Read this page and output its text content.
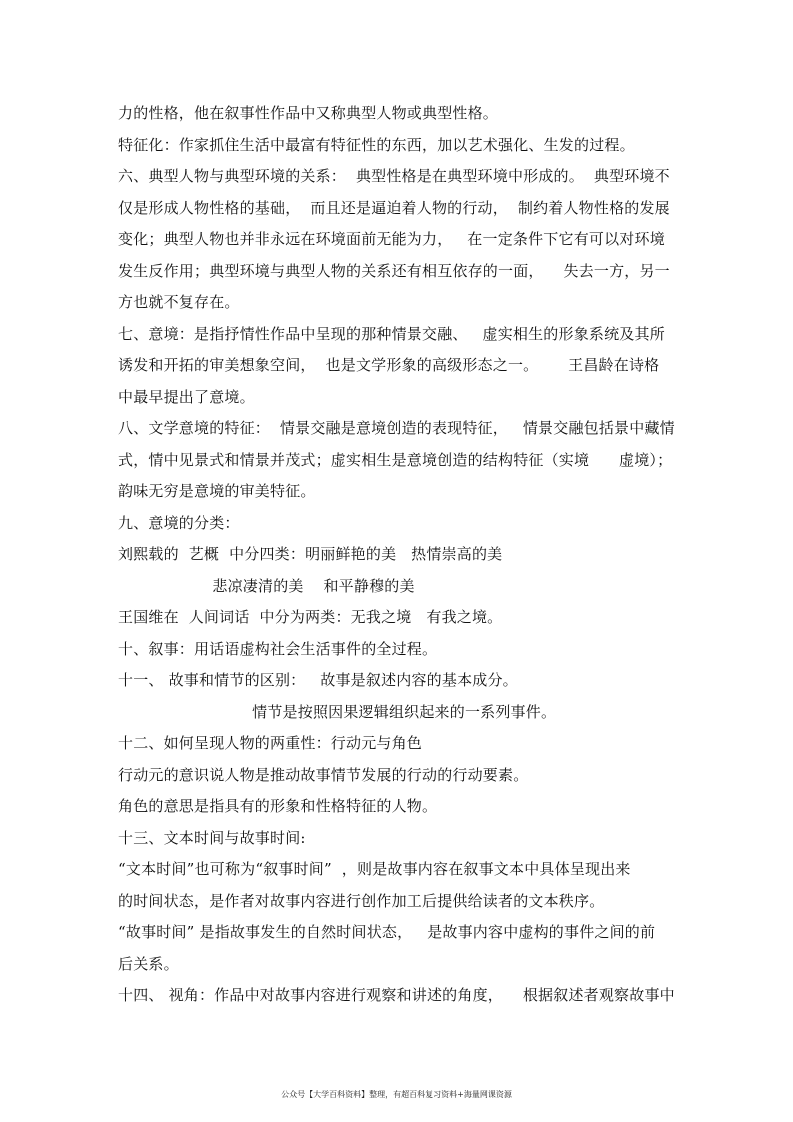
力的性格，他在叙事性作品中又称典型人物或典型性格。
特征化：作家抓住生活中最富有特征性的东西，加以艺术强化、生发的过程。
六、典型人物与典型环境的关系：  典型性格是在典型环境中形成的。  典型环境不
仅是形成人物性格的基础，  而且还是逼迫着人物的行动，  制约着人物性格的发展
变化；典型人物也并非永远在环境面前无能为力，   在一定条件下它有可以对环境
发生反作用；典型环境与典型人物的关系还有相互依存的一面，    失去一方，另一
方也就不复存在。
七、意境：是指抒情性作品中呈现的那种情景交融、   虚实相生的形象系统及其所
诱发和开拓的审美想象空间，  也是文学形象的高级形态之一。      王昌龄在诗格
中最早提出了意境。
八、文学意境的特征：  情景交融是意境创造的表现特征，   情景交融包括景中藏情
式，情中见景式和情景并茂式；虚实相生是意境创造的结构特征（实境      虚境）；
韵味无穷是意境的审美特征。
九、意境的分类：
刘熙载的  艺概  中分四类：明丽鲜艳的美   热情崇高的美
悲凉凄清的美    和平静穆的美
王国维在  人间词话  中分为两类：无我之境   有我之境。
十、叙事：用话语虚构社会生活事件的全过程。
十一、 故事和情节的区别：   故事是叙述内容的基本成分。
情节是按照因果逻辑组织起来的一系列事件。
十二、如何呈现人物的两重性：行动元与角色
行动元的意识说人物是推动故事情节发展的行动的行动要素。
角色的意思是指具有的形象和性格特征的人物。
十三、文本时间与故事时间:
“文本时间”也可称为“叙事时间”  ，则是故事内容在叙事文本中具体呈现出来
的时间状态，是作者对故事内容进行创作加工后提供给读者的文本秩序。
“故事时间” 是指故事发生的自然时间状态，   是故事内容中虚构的事件之间的前
后关系。
十四、 视角：作品中对故事内容进行观察和讲述的角度，    根据叙述者观察故事中
公众号【大学百科资料】整理，有超百科复习资料+海量网课资源
